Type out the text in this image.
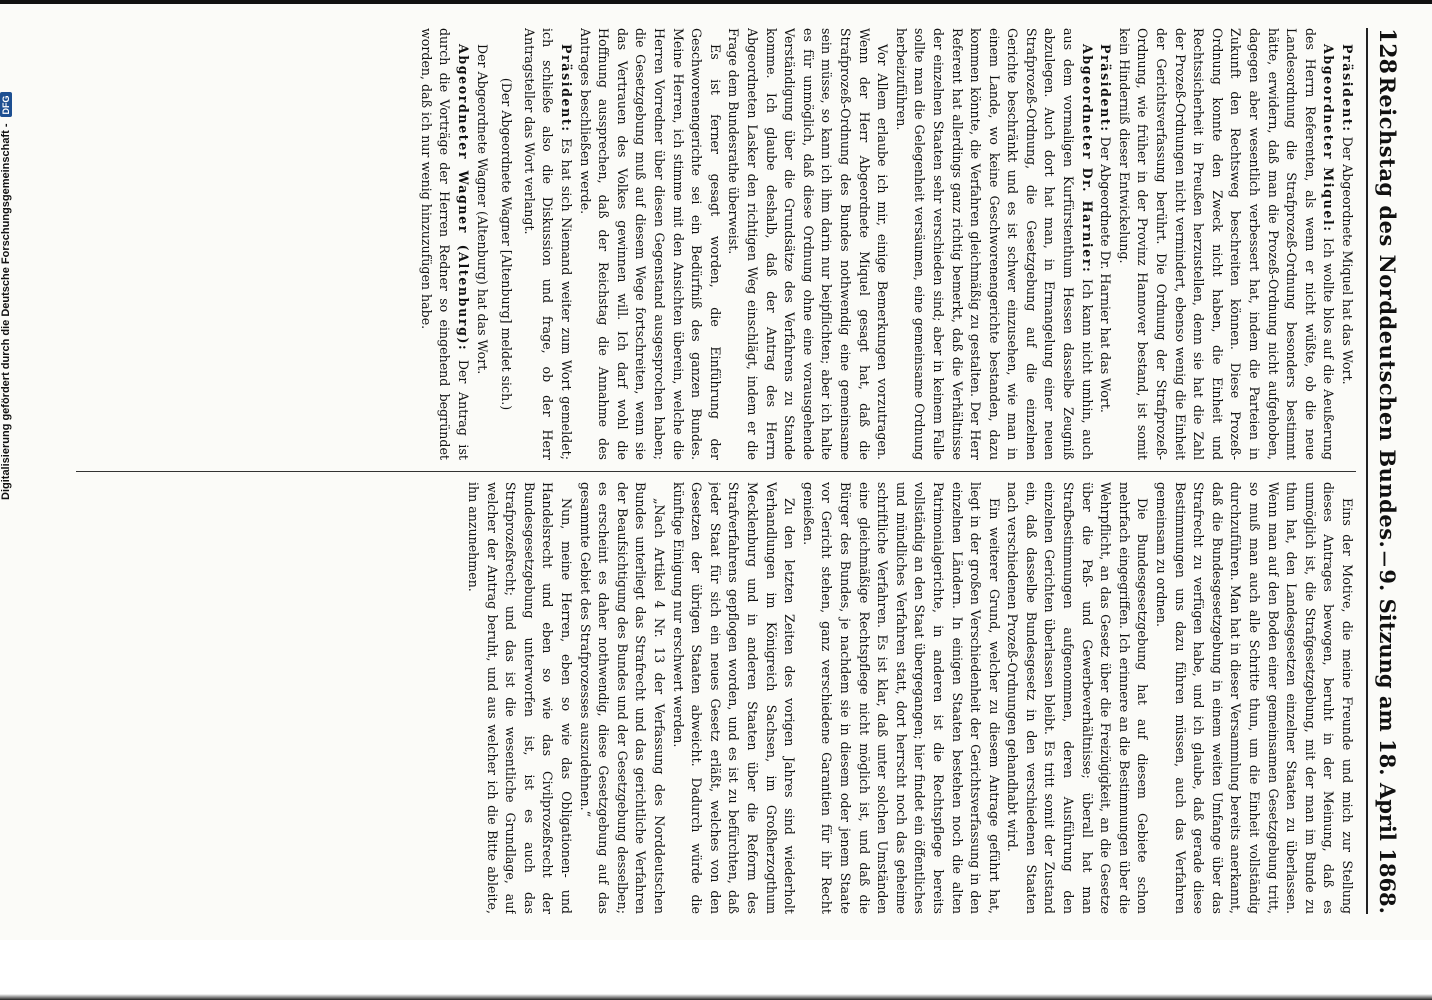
128
Reichstag des Norddeutschen Bundes.
—
9. Sitzung am 18. April 1868.

Präsident: Der Abgeordnete Miquel hat das Wort.

Abgeordneter Miquel: Ich wollte blos auf die Aeußerung des Herrn Referenten, als wenn er nicht wüßte, ob die neue Landesordnung die Strafprozeß-Ordnung besonders bestimmt hätte, erwidern, daß man die Prozeß-Ordnung nicht aufgehoben, dagegen aber wesentlich verbessert hat, indem die Parteien in Zukunft den Rechtsweg beschreiten können. Diese Prozeß-Ordnung konnte den Zweck nicht haben, die Einheit und Rechtssicherheit in Preußen herzustellen, denn sie hat die Zahl der Prozeß-Ordnungen nicht vermindert, ebenso wenig die Einheit der Gerichtsverfassung berührt. Die Ordnung der Strafprozeß-Ordnung, wie früher in der Provinz Hannover bestand, ist somit kein Hinderniß dieser Entwickelung.

Präsident: Der Abgeordnete Dr. Harnier hat das Wort.

Abgeordneter Dr. Harnier: Ich kann nicht umhin, auch aus dem vormaligen Kurfürstenthum Hessen dasselbe Zeugniß abzulegen. Auch dort hat man, in Ermangelung einer neuen Strafprozeß-Ordnung, die Gesetzgebung auf die einzelnen Gerichte beschränkt und es ist schwer einzusehen, wie man in einem Lande, wo keine Geschworenengerichte bestanden, dazu kommen könnte, die Verfahren gleichmäßig zu gestalten. Der Herr Referent hat allerdings ganz richtig bemerkt, daß die Verhältnisse der einzelnen Staaten sehr verschieden sind; aber in keinem Falle sollte man die Gelegenheit versäumen, eine gemeinsame Ordnung herbeizuführen.

Vor Allem erlaube ich mir, einige Bemerkungen vorzutragen. Wenn der Herr Abgeordnete Miquel gesagt hat, daß die Strafprozeß-Ordnung des Bundes nothwendig eine gemeinsame sein müsse, so kann ich ihm darin nur beipflichten; aber ich halte es für unmöglich, daß diese Ordnung ohne eine vorausgehende Verständigung über die Grundsätze des Verfahrens zu Stande komme. Ich glaube deshalb, daß der Antrag des Herrn Abgeordneten Lasker den richtigen Weg einschlägt, indem er die Frage dem Bundesrathe überweist.

Es ist ferner gesagt worden, die Einführung der Geschworenengerichte sei ein Bedürfniß des ganzen Bundes. Meine Herren, ich stimme mit den Ansichten überein, welche die Herren Vorredner über diesen Gegenstand ausgesprochen haben; die Gesetzgebung muß auf diesem Wege fortschreiten, wenn sie das Vertrauen des Volkes gewinnen will. Ich darf wohl die Hoffnung aussprechen, daß der Reichstag die Annahme des Antrages beschließen werde.

Präsident: Es hat sich Niemand weiter zum Wort gemeldet; ich schließe also die Diskussion und frage, ob der Herr Antragsteller das Wort verlangt.

(Der Abgeordnete Wagner [Altenburg] meldet sich.)

Der Abgeordnete Wagner (Altenburg) hat das Wort.

Abgeordneter Wagner (Altenburg): Der Antrag ist durch die Vorträge der Herren Redner so eingehend begründet worden, daß ich nur wenig hinzuzufügen habe.

Eins der Motive, die meine Freunde und mich zur Stellung dieses Antrages bewogen, beruht in der Meinung, daß es unmöglich ist, die Strafgesetzgebung, mit der man im Bunde zu thun hat, den Landesgesetzen einzelner Staaten zu überlassen. Wenn man auf den Boden einer gemeinsamen Gesetzgebung tritt, so muß man auch alle Schritte thun, um die Einheit vollständig durchzuführen. Man hat in dieser Versammlung bereits anerkannt, daß die Bundesgesetzgebung in einem weiten Umfange über das Strafrecht zu verfügen habe, und ich glaube, daß gerade diese Bestimmungen uns dazu führen müssen, auch das Verfahren gemeinsam zu ordnen.

Die Bundesgesetzgebung hat auf diesem Gebiete schon mehrfach eingegriffen. Ich erinnere an die Bestimmungen über die Wehrpflicht, an das Gesetz über die Freizügigkeit, an die Gesetze über die Paß- und Gewerbeverhältnisse; überall hat man Strafbestimmungen aufgenommen, deren Ausführung den einzelnen Gerichten überlassen bleibt. Es tritt somit der Zustand ein, daß dasselbe Bundesgesetz in den verschiedenen Staaten nach verschiedenen Prozeß-Ordnungen gehandhabt wird.

Ein weiterer Grund, welcher zu diesem Antrage geführt hat, liegt in der großen Verschiedenheit der Gerichtsverfassung in den einzelnen Ländern. In einigen Staaten bestehen noch die alten Patrimonialgerichte, in anderen ist die Rechtspflege bereits vollständig an den Staat übergegangen; hier findet ein öffentliches und mündliches Verfahren statt, dort herrscht noch das geheime schriftliche Verfahren. Es ist klar, daß unter solchen Umständen eine gleichmäßige Rechtspflege nicht möglich ist, und daß die Bürger des Bundes, je nachdem sie in diesem oder jenem Staate vor Gericht stehen, ganz verschiedene Garantien für ihr Recht genießen.

Zu den letzten Zeiten des vorigen Jahres sind wiederholt Verhandlungen im Königreich Sachsen, im Großherzogthum Mecklenburg und in anderen Staaten über die Reform des Strafverfahrens gepflogen worden, und es ist zu befürchten, daß jeder Staat für sich ein neues Gesetz erläßt, welches von den Gesetzen der übrigen Staaten abweicht. Dadurch würde die künftige Einigung nur erschwert werden.

„Nach Artikel 4 Nr. 13 der Verfassung des Norddeutschen Bundes unterliegt das Strafrecht und das gerichtliche Verfahren der Beaufsichtigung des Bundes und der Gesetzgebung desselben; es erscheint es daher nothwendig, diese Gesetzgebung auf das gesammte Gebiet des Strafprozesses auszudehnen.“

Nun, meine Herren, eben so wie das Obligationen- und Handelsrecht und eben so wie das Civilprozeßrecht der Bundesgesetzgebung unterworfen ist, ist es auch das Strafprozeßrecht; und das ist die wesentliche Grundlage, auf welcher der Antrag beruht, und aus welcher ich die Bitte ableite, ihn anzunehmen.

Digitalisierung gefördert durch die Deutsche Forschungsgemeinschaft -
DFG
